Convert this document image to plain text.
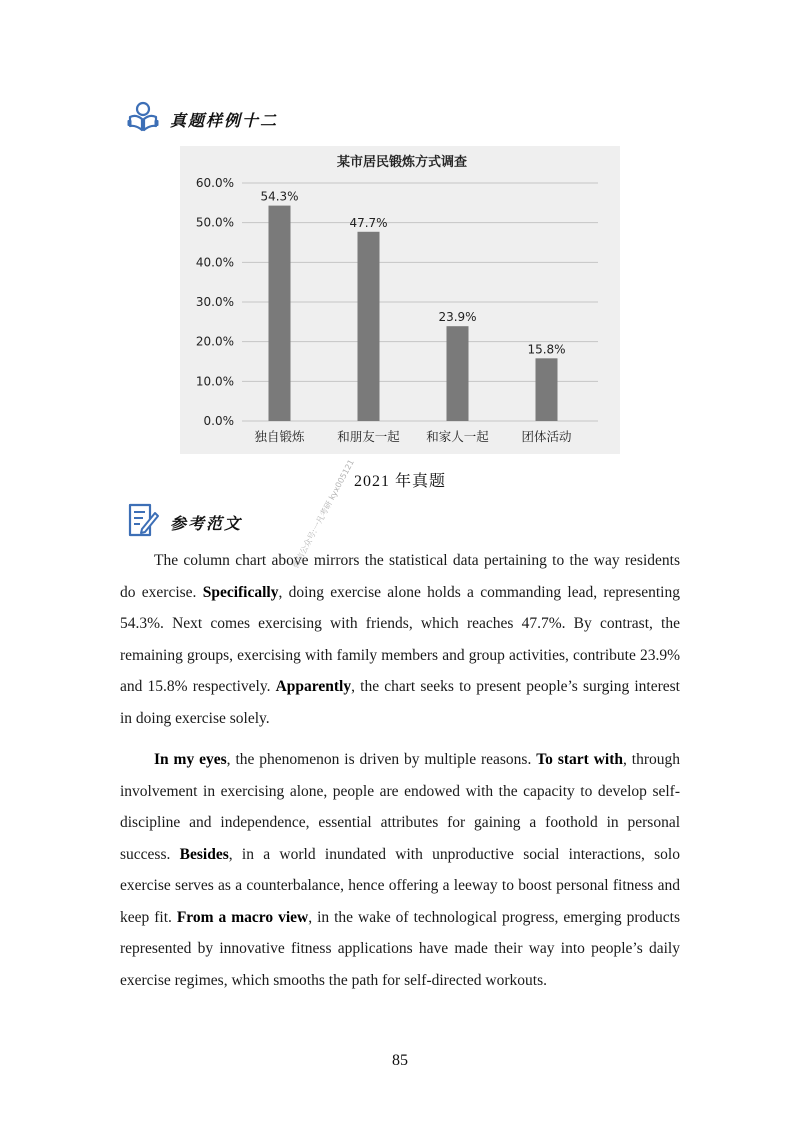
真题样例十二
某市居民锻炼方式调查
0.0%
10.0%
20.0%
30.0%
40.0%
50.0%
60.0%
54.3%
47.7%
23.9%
15.8%
独自锻炼	和朋友一起 和家人一起	团体活动
2021 年真题
参考范文

The column chart above mirrors the statistical data pertaining to the way residents do exercise. Specifically, doing exercise alone holds a commanding lead, representing 54.3%. Next comes exercising with friends, which reaches 47.7%. By contrast, the remaining groups, exercising with family members and group activities, contribute 23.9% and 15.8% respectively. Apparently, the chart seeks to present people’s surging interest in doing exercise solely.

In my eyes, the phenomenon is driven by multiple reasons. To start with, through involvement in exercising alone, people are endowed with the capacity to develop self-discipline and independence, essential attributes for gaining a foothold in personal success. Besides, in a world inundated with unproductive social interactions, solo exercise serves as a counterbalance, hence offering a leeway to boost personal fitness and keep fit. From a macro view, in the wake of technological progress, emerging products represented by innovative fitness applications have made their way into people’s daily exercise regimes, which smooths the path for self-directed workouts.

85
微信公众号:一凡考研 kyx005121
